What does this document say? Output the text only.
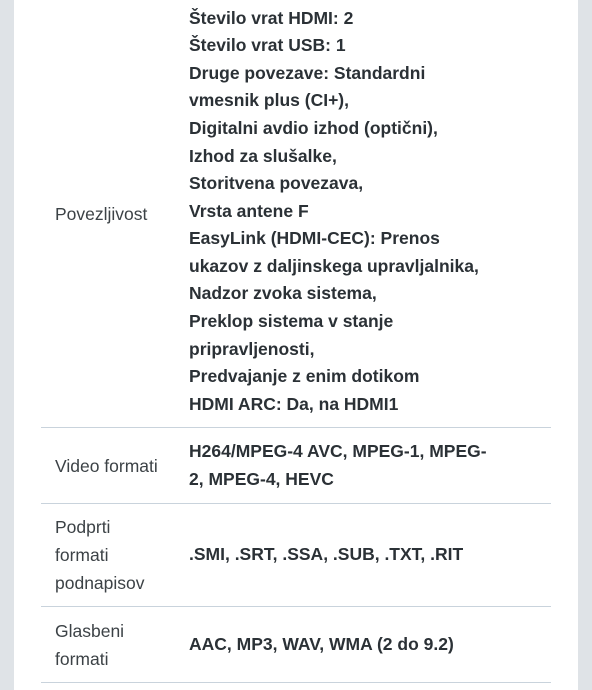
Povezljivost
Število vrat HDMI: 2
Število vrat USB: 1
Druge povezave: Standardni
vmesnik plus (CI+),
Digitalni avdio izhod (optični),
Izhod za slušalke,
Storitvena povezava,
Vrsta antene F
EasyLink (HDMI-CEC): Prenos
ukazov z daljinskega upravljalnika,
Nadzor zvoka sistema,
Preklop sistema v stanje
pripravljenosti,
Predvajanje z enim dotikom
HDMI ARC: Da, na HDMI1
Video formati
H264/MPEG-4 AVC, MPEG-1, MPEG-
2, MPEG-4, HEVC
Podprti
formati
podnapisov
.SMI, .SRT, .SSA, .SUB, .TXT, .RIT
Glasbeni
formati
AAC, MP3, WAV, WMA (2 do 9.2)
